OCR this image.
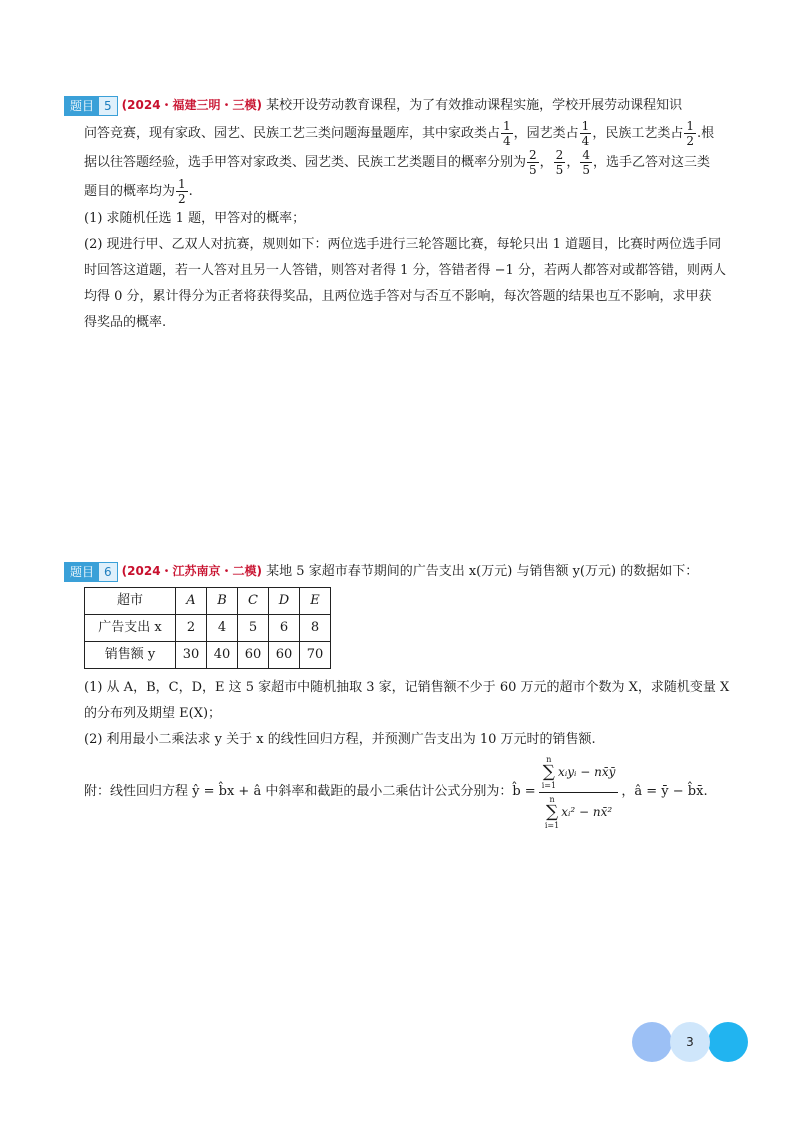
题目 5 (2024・福建三明・三模) 某校开设劳动教育课程，为了有效推动课程实施，学校开展劳动课程知识
问答竞赛，现有家政、园艺、民族工艺三类问题海量题库，其中家政类占 $\frac{1}{4}$ ，园艺类占 $\frac{1}{4}$ ，民族工艺类占 $\frac{1}{2}$ .根
据以往答题经验，选手甲答对家政类、园艺类、民族工艺类题目的概率分别为 $\frac{2}{5}$ ， $\frac{2}{5}$ ， $\frac{4}{5}$ ，选手乙答对这三类
题目的概率均为 $\frac{1}{2}$ .
(1) 求随机任选 1 题，甲答对的概率；
(2) 现进行甲、乙双人对抗赛，规则如下：两位选手进行三轮答题比赛，每轮只出 1 道题目，比赛时两位选手同
时回答这道题，若一人答对且另一人答错，则答对者得 1 分，答错者得 −1 分，若两人都答对或都答错，则两人
均得 0 分，累计得分为正者将获得奖品，且两位选手答对与否互不影响，每次答题的结果也互不影响，求甲获
得奖品的概率.
题目 6 (2024・江苏南京・二模) 某地 5 家超市春节期间的广告支出 x(万元) 与销售额 y(万元) 的数据如下：
超市	A	B	C	D	E
广告支出 x	2	4	5	6	8
销售额 y	30	40	60	60	70
(1) 从 A，B，C，D，E 这 5 家超市中随机抽取 3 家，记销售额不少于 60 万元的超市个数为 X，求随机变量 X
的分布列及期望 E(X)；
(2) 利用最小二乘法求 y 关于 x 的线性回归方程，并预测广告支出为 10 万元时的销售额.
附：线性回归方程 ŷ = b̂x + â 中斜率和截距的最小二乘估计公式分别为：b̂ = n
∑
i=1
xᵢyᵢ − nx̄ȳ
n
∑
i=1
xᵢ² − nx̄² ，â = ȳ − b̂x̄.
3
